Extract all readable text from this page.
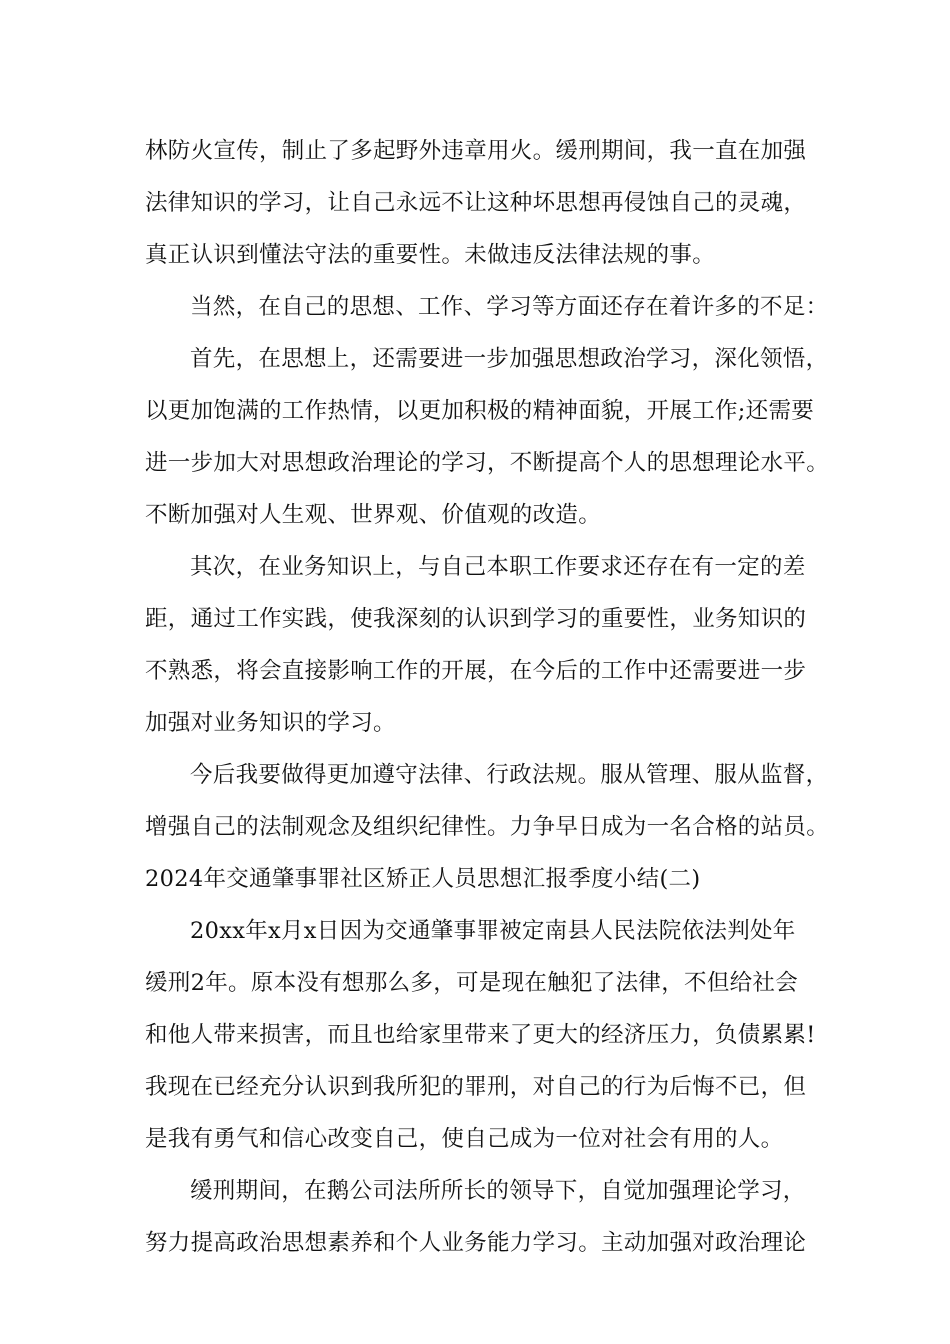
林防火宣传，制止了多起野外违章用火。缓刑期间，我一直在加强
法律知识的学习，让自己永远不让这种坏思想再侵蚀自己的灵魂，
真正认识到懂法守法的重要性。未做违反法律法规的事。
当然，在自己的思想、工作、学习等方面还存在着许多的不足：
首先，在思想上，还需要进一步加强思想政治学习，深化领悟，
以更加饱满的工作热情，以更加积极的精神面貌，开展工作;还需要
进一步加大对思想政治理论的学习，不断提高个人的思想理论水平。
不断加强对人生观、世界观、价值观的改造。
其次，在业务知识上，与自己本职工作要求还存在有一定的差
距，通过工作实践，使我深刻的认识到学习的重要性，业务知识的
不熟悉，将会直接影响工作的开展，在今后的工作中还需要进一步
加强对业务知识的学习。
今后我要做得更加遵守法律、行政法规。服从管理、服从监督，
增强自己的法制观念及组织纪律性。力争早日成为一名合格的站员。
2024年交通肇事罪社区矫正人员思想汇报季度小结(二)
20xx年x月x日因为交通肇事罪被定南县人民法院依法判处年
缓刑2年。原本没有想那么多，可是现在触犯了法律，不但给社会
和他人带来损害，而且也给家里带来了更大的经济压力，负债累累!
我现在已经充分认识到我所犯的罪刑，对自己的行为后悔不已，但
是我有勇气和信心改变自己，使自己成为一位对社会有用的人。
缓刑期间，在鹅公司法所所长的领导下，自觉加强理论学习，
努力提高政治思想素养和个人业务能力学习。主动加强对政治理论
